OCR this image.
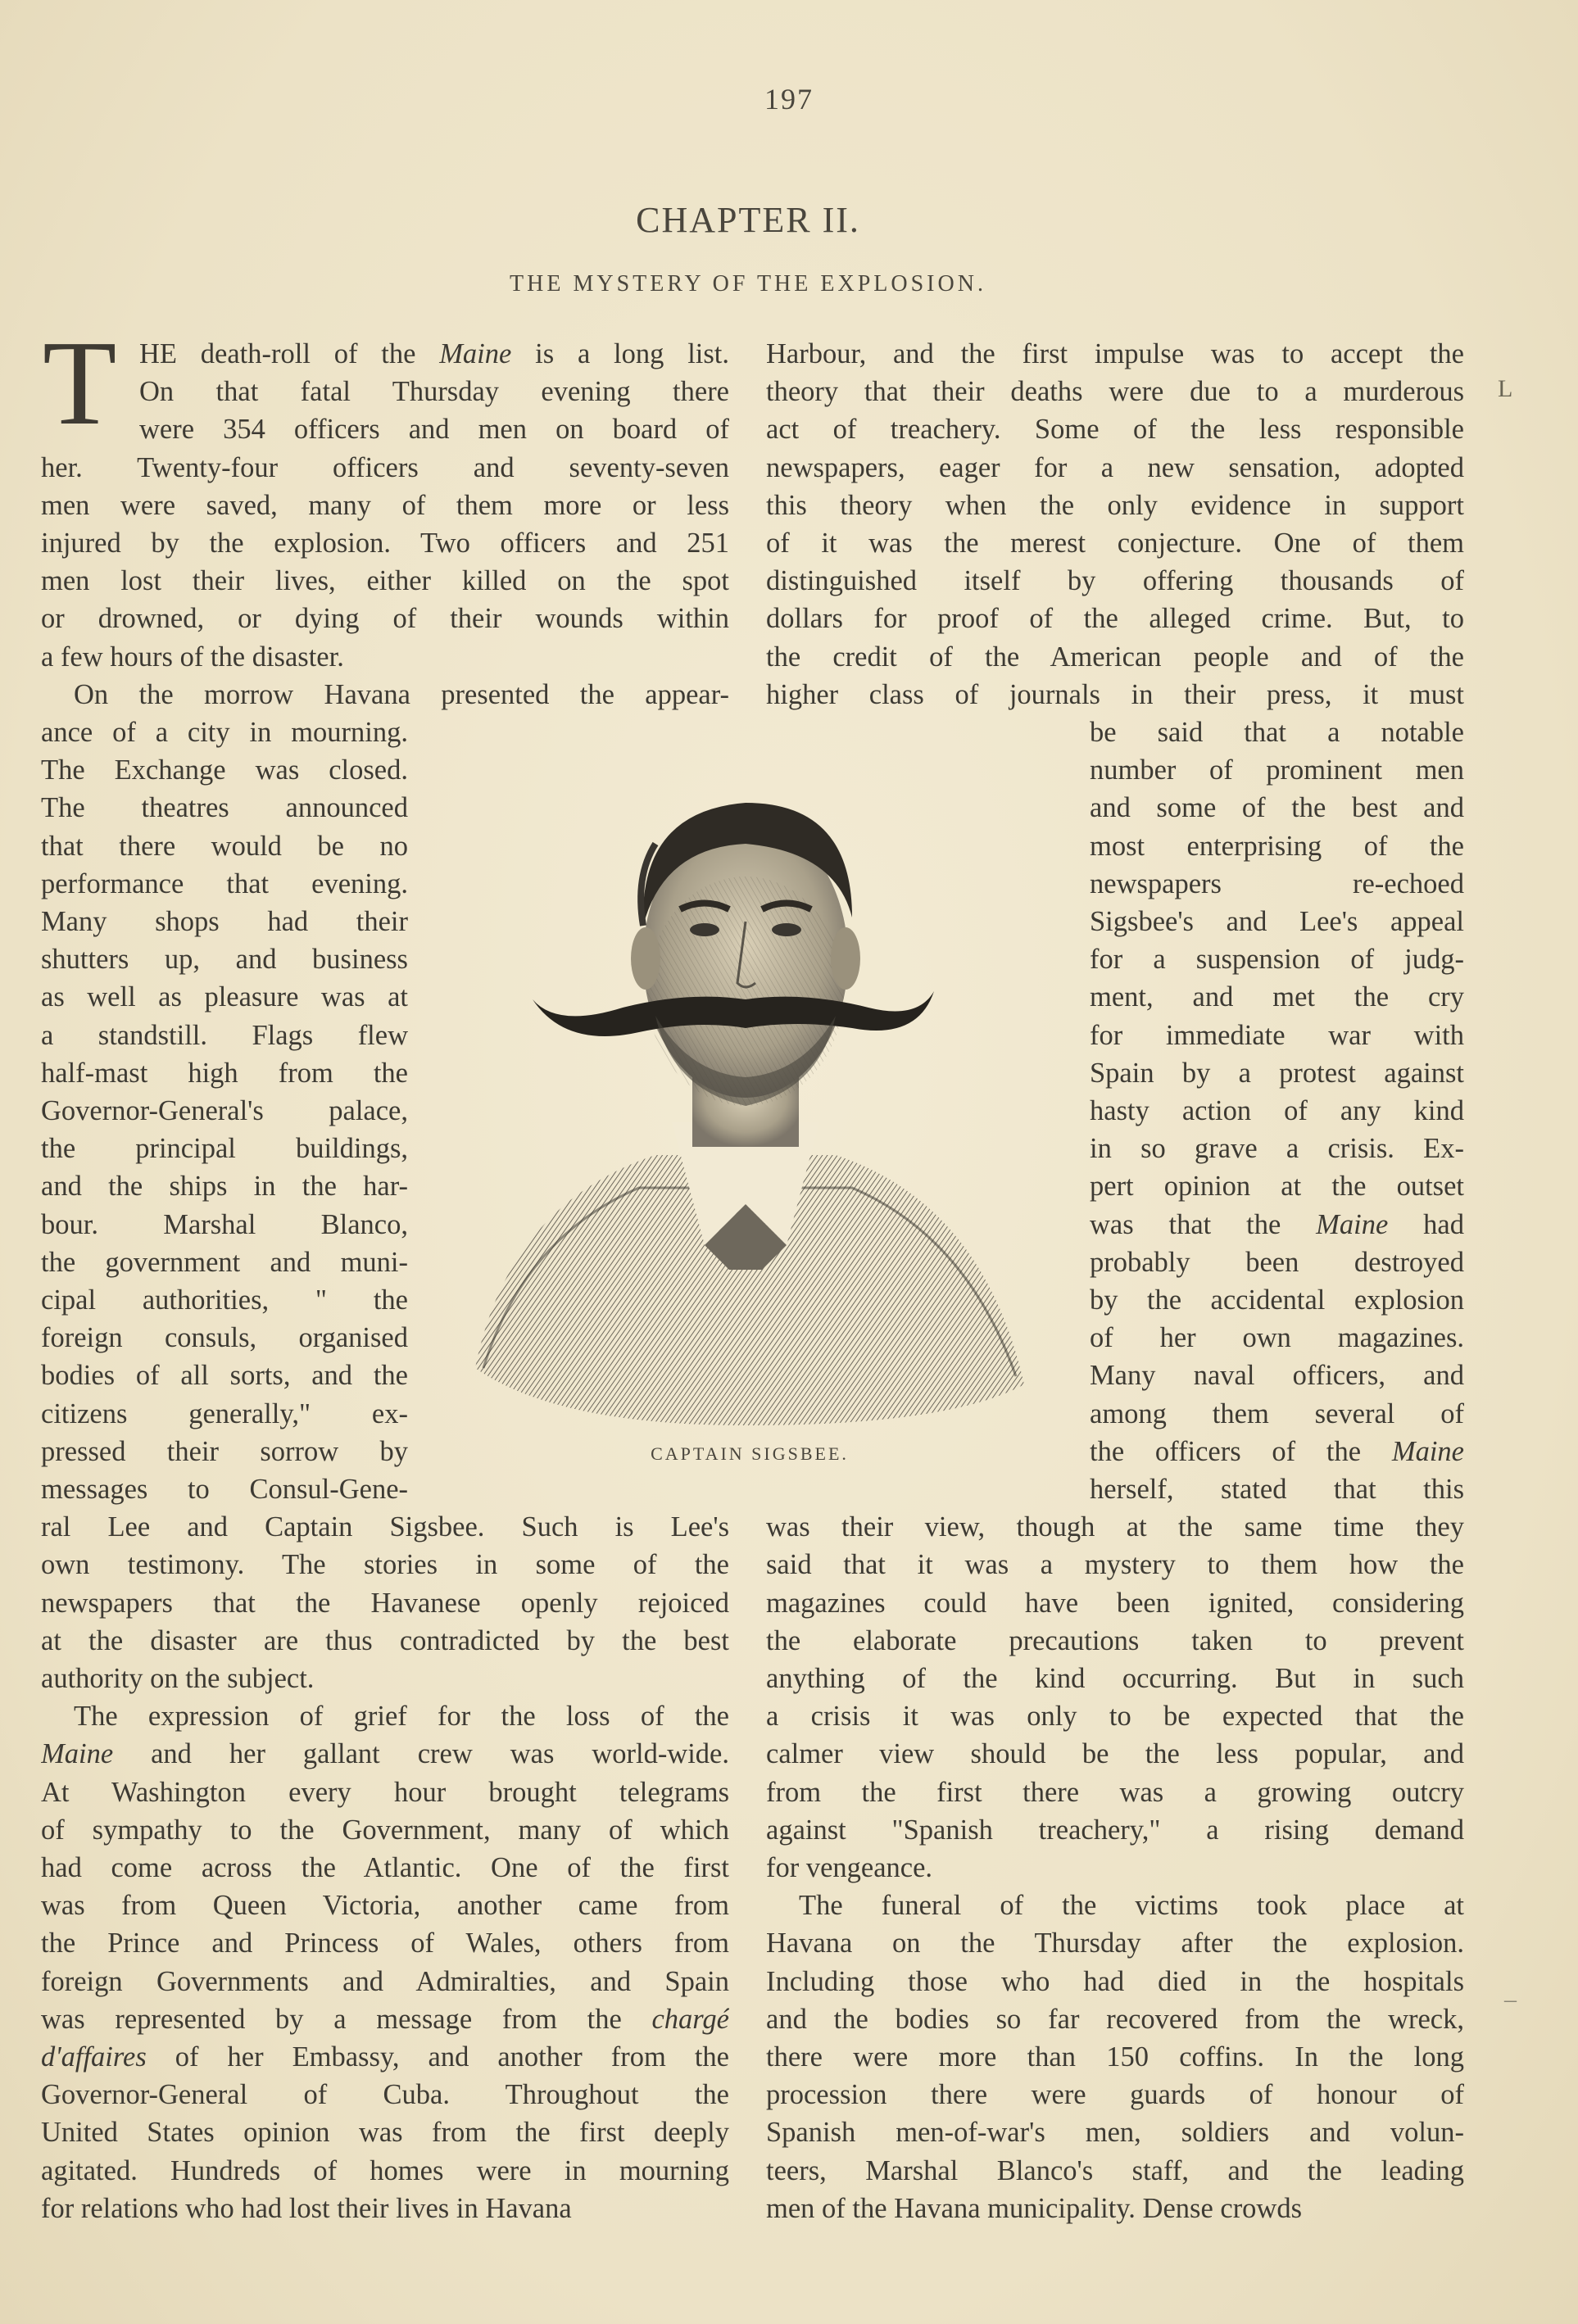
197
CHAPTER II.
THE MYSTERY OF THE EXPLOSION.
T HE death-roll of the Maine is a long list.
On that fatal Thursday evening there
were 354 officers and men on board of
her. Twenty-four officers and seventy-seven
men were saved, many of them more or less
injured by the explosion. Two officers and 251
men lost their lives, either killed on the spot
or drowned, or dying of their wounds within
a few hours of the disaster.
On the morrow Havana presented the appear-
ance of a city in mourning.
The Exchange was closed.
The theatres announced
that there would be no
performance that evening.
Many shops had their
shutters up, and business
as well as pleasure was at
a standstill. Flags flew
half-mast high from the
Governor-General's palace,
the principal buildings,
and the ships in the har-
bour. Marshal Blanco,
the government and muni-
cipal authorities, " the
foreign consuls, organised
bodies of all sorts, and the
citizens generally," ex-
pressed their sorrow by
messages to Consul-Gene-
ral Lee and Captain Sigsbee. Such is Lee's
own testimony. The stories in some of the
newspapers that the Havanese openly rejoiced
at the disaster are thus contradicted by the best
authority on the subject.
The expression of grief for the loss of the
Maine and her gallant crew was world-wide.
At Washington every hour brought telegrams
of sympathy to the Government, many of which
had come across the Atlantic. One of the first
was from Queen Victoria, another came from
the Prince and Princess of Wales, others from
foreign Governments and Admiralties, and Spain
was represented by a message from the chargé
d'affaires of her Embassy, and another from the
Governor-General of Cuba. Throughout the
United States opinion was from the first deeply
agitated. Hundreds of homes were in mourning
for relations who had lost their lives in Havana
Harbour, and the first impulse was to accept the
theory that their deaths were due to a murderous
act of treachery. Some of the less responsible
newspapers, eager for a new sensation, adopted
this theory when the only evidence in support
of it was the merest conjecture. One of them
distinguished itself by offering thousands of
dollars for proof of the alleged crime. But, to
the credit of the American people and of the
higher class of journals in their press, it must
be said that a notable
number of prominent men
and some of the best and
most enterprising of the
newspapers re-echoed
Sigsbee's and Lee's appeal
for a suspension of judg-
ment, and met the cry
for immediate war with
Spain by a protest against
hasty action of any kind
in so grave a crisis. Ex-
pert opinion at the outset
was that the Maine had
probably been destroyed
by the accidental explosion
of her own magazines.
Many naval officers, and
among them several of
the officers of the Maine
herself, stated that this
was their view, though at the same time they
said that it was a mystery to them how the
magazines could have been ignited, considering
the elaborate precautions taken to prevent
anything of the kind occurring. But in such
a crisis it was only to be expected that the
calmer view should be the less popular, and
from the first there was a growing outcry
against "Spanish treachery," a rising demand
for vengeance.
The funeral of the victims took place at
Havana on the Thursday after the explosion.
Including those who had died in the hospitals
and the bodies so far recovered from the wreck,
there were more than 150 coffins. In the long
procession there were guards of honour of
Spanish men-of-war's men, soldiers and volun-
teers, Marshal Blanco's staff, and the leading
men of the Havana municipality. Dense crowds
CAPTAIN SIGSBEE.
L
–
